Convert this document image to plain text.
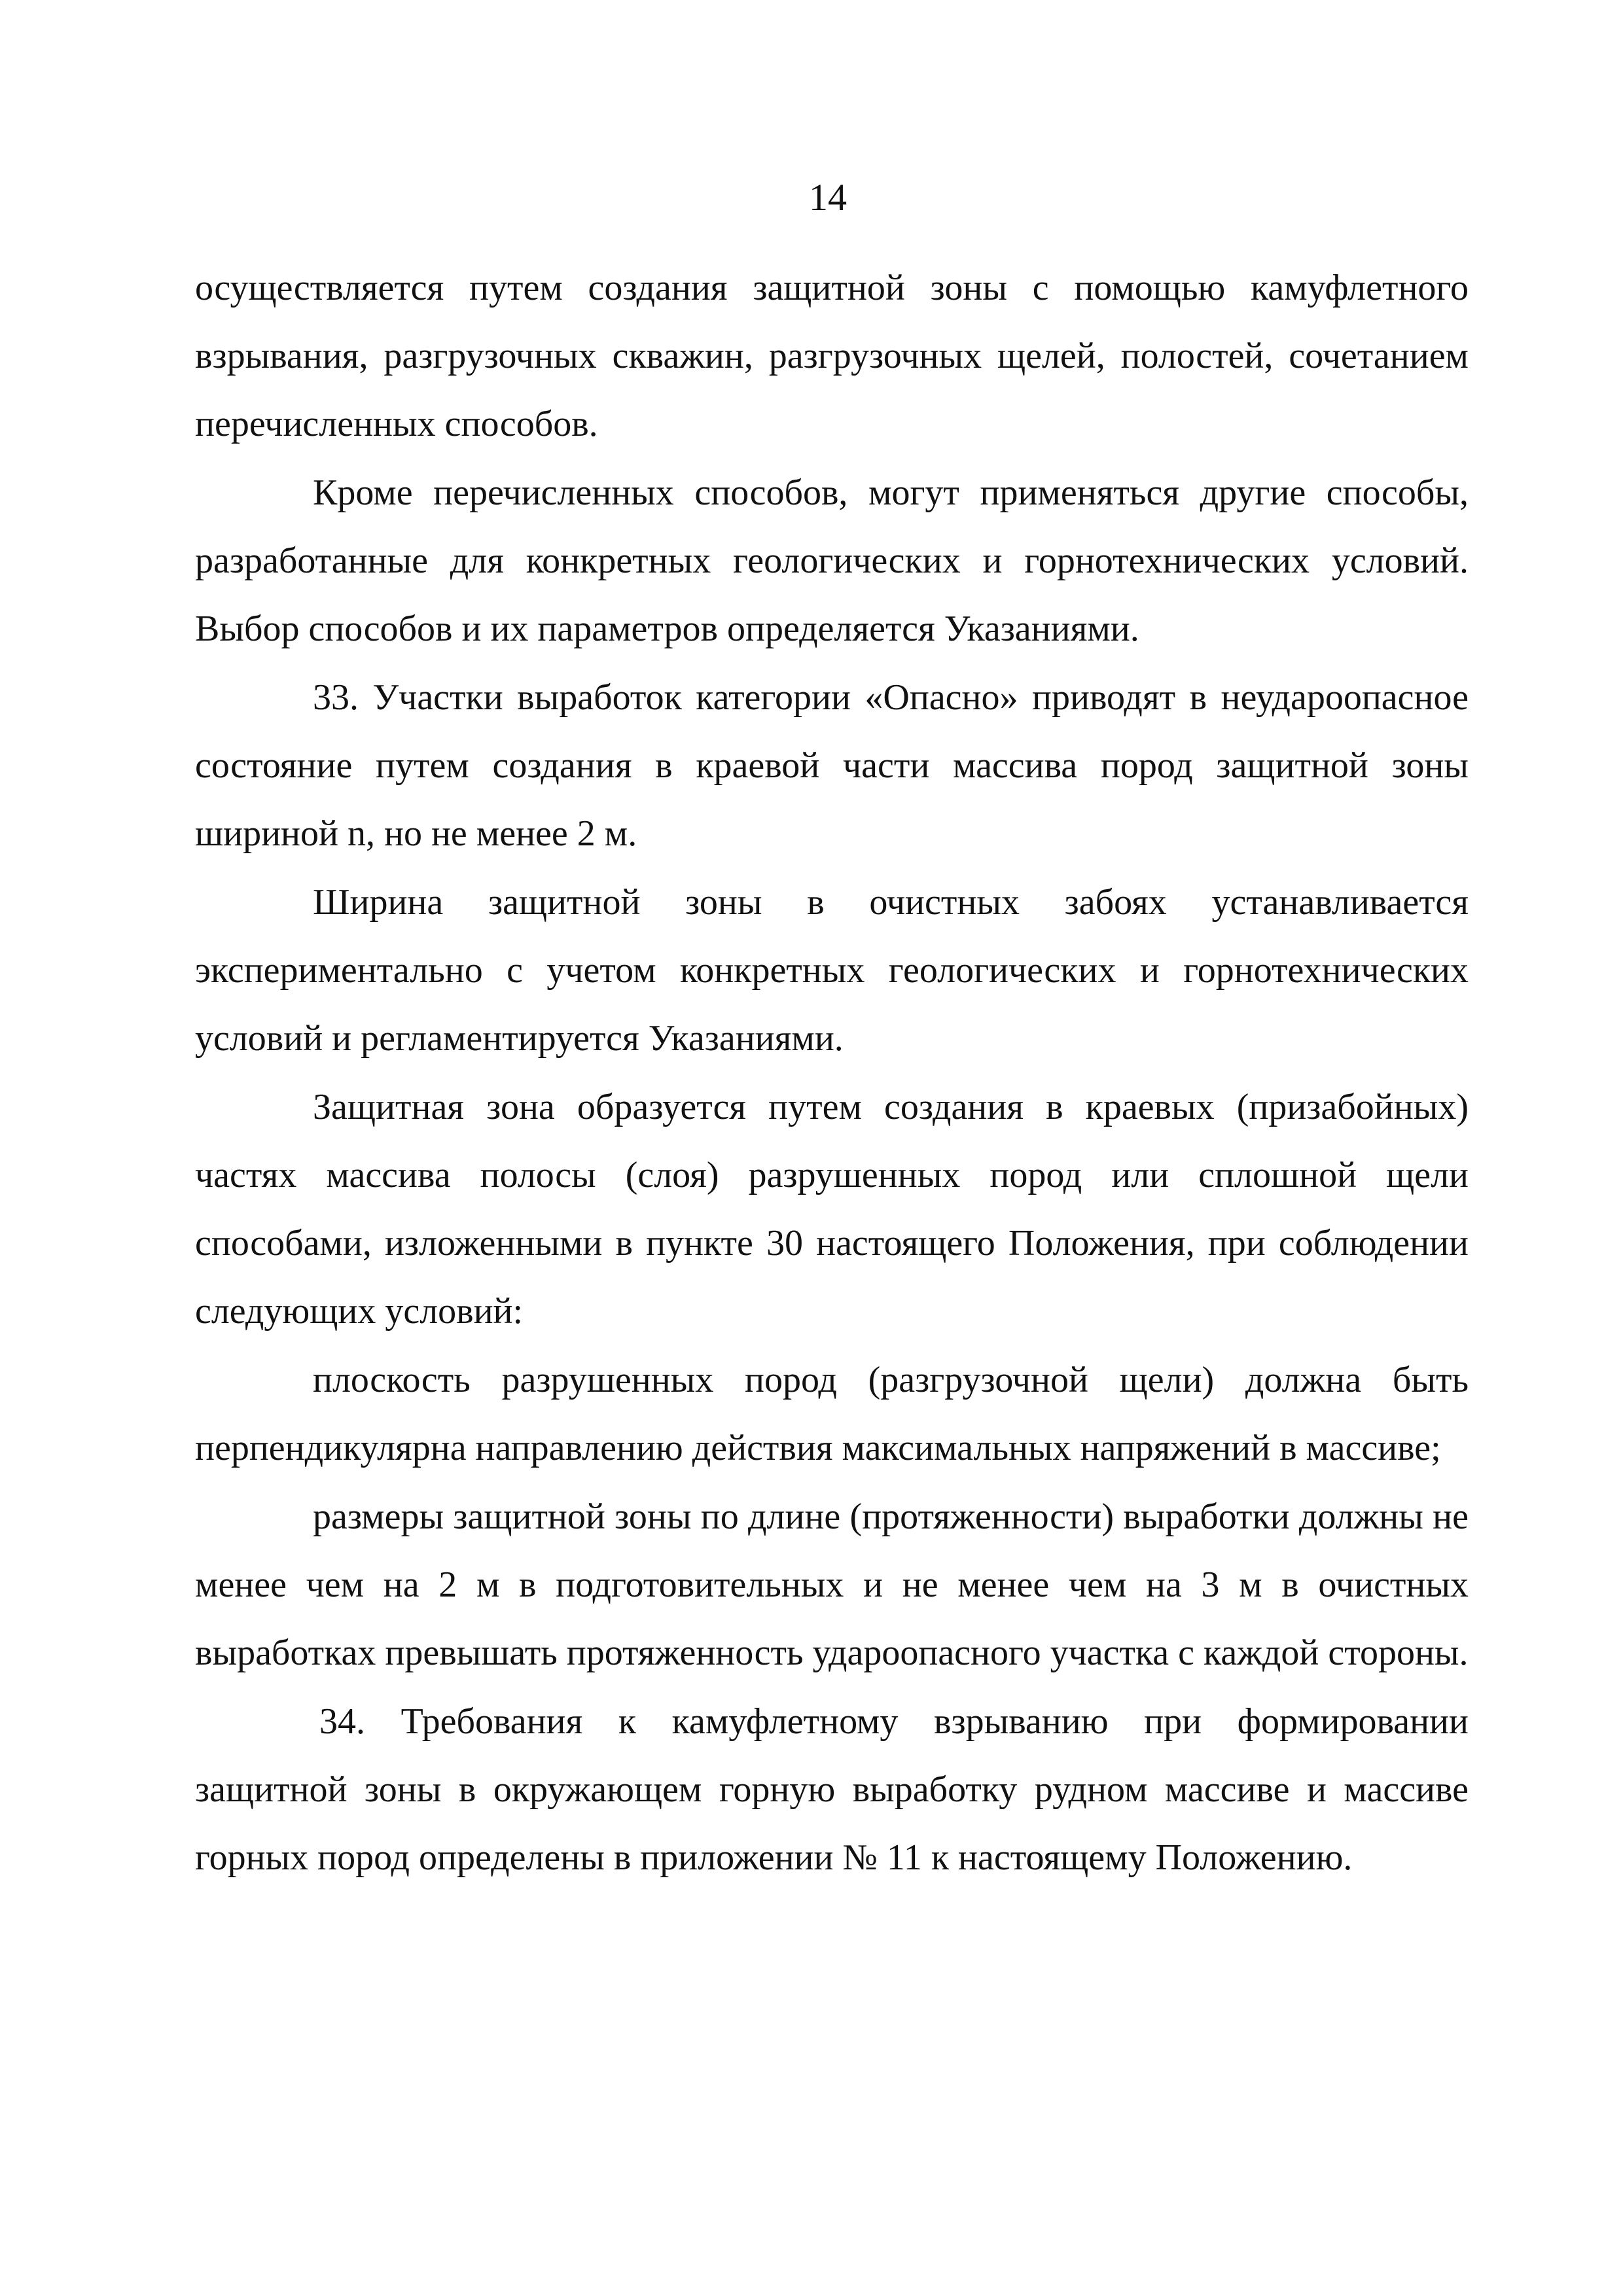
14

осуществляется путем создания защитной зоны с помощью камуфлетного взрывания, разгрузочных скважин, разгрузочных щелей, полостей, сочетанием перечисленных способов.

Кроме перечисленных способов, могут применяться другие способы, разработанные для конкретных геологических и горнотехнических условий. Выбор способов и их параметров определяется Указаниями.

33. Участки выработок категории «Опасно» приводят в неудароопасное состояние путем создания в краевой части массива пород защитной зоны шириной n, но не менее 2 м.

Ширина защитной зоны в очистных забоях устанавливается экспериментально с учетом конкретных геологических и горнотехнических условий и регламентируется Указаниями.

Защитная зона образуется путем создания в краевых (призабойных) частях массива полосы (слоя) разрушенных пород или сплошной щели способами, изложенными в пункте 30 настоящего Положения, при соблюдении следующих условий:

плоскость разрушенных пород (разгрузочной щели) должна быть перпендикулярна направлению действия максимальных напряжений в массиве;

размеры защитной зоны по длине (протяженности) выработки должны не менее чем на 2 м в подготовительных и не менее чем на 3 м в очистных выработках превышать протяженность удароопасного участка с каждой стороны.

34. Требования к камуфлетному взрыванию при формировании защитной зоны в окружающем горную выработку рудном массиве и массиве горных пород определены в приложении № 11 к настоящему Положению.
